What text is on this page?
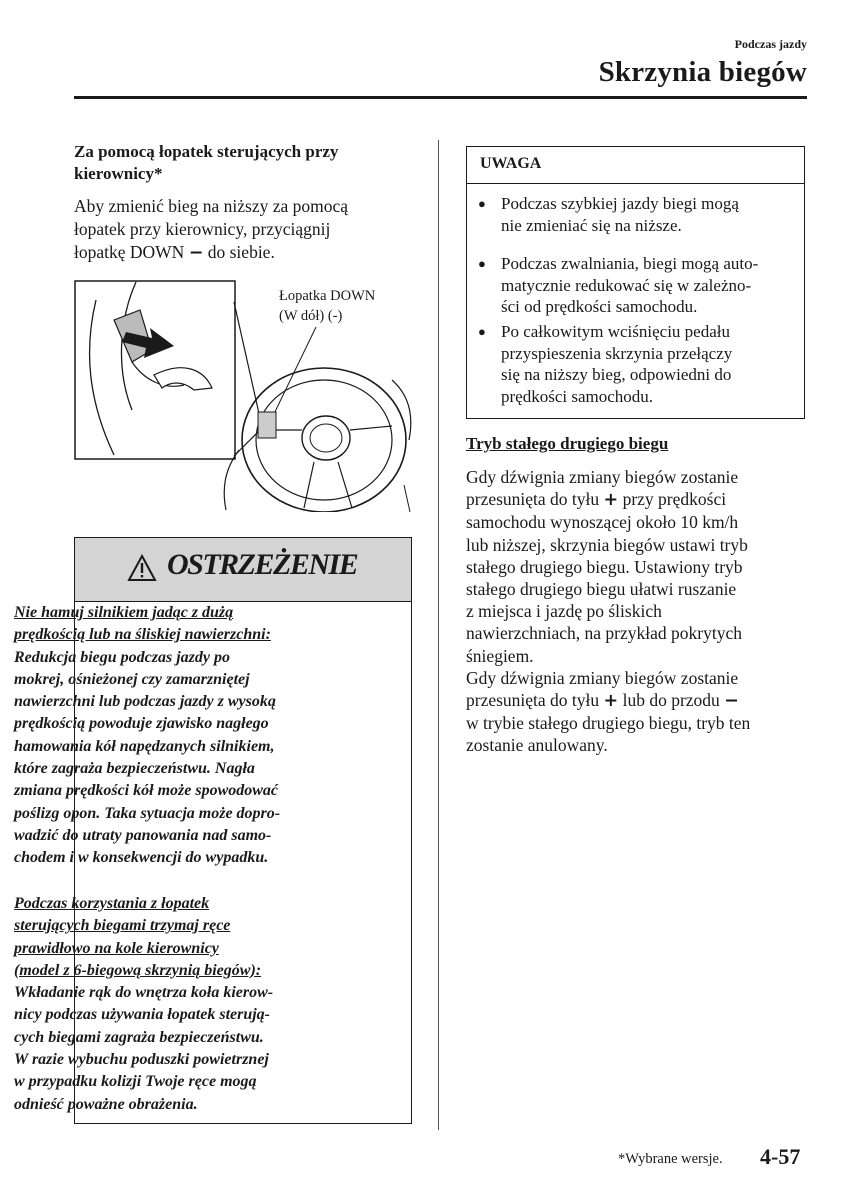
Podczas jazdy
Skrzynia biegów
Za pomocą łopatek sterujących przy
kierownicy*
Aby zmienić bieg na niższy za pomocą
łopatek przy kierownicy, przyciągnij
łopatkę DOWN − do siebie.
Łopatka DOWN
(W dół) (-)
OSTRZEŻENIE
Nie hamuj silnikiem jadąc z dużą
prędkością lub na śliskiej nawierzchni:
Redukcja biegu podczas jazdy po
mokrej, ośnieżonej czy zamarzniętej
nawierzchni lub podczas jazdy z wysoką
prędkością powoduje zjawisko nagłego
hamowania kół napędzanych silnikiem,
które zagraża bezpieczeństwu. Nagła
zmiana prędkości kół może spowodować
poślizg opon. Taka sytuacja może dopro-
wadzić do utraty panowania nad samo-
chodem i w konsekwencji do wypadku.
Podczas korzystania z łopatek
sterujących biegami trzymaj ręce
prawidłowo na kole kierownicy
(model z 6-biegową skrzynią biegów):
Wkładanie rąk do wnętrza koła kierow-
nicy podczas używania łopatek sterują-
cych biegami zagraża bezpieczeństwu.
W razie wybuchu poduszki powietrznej
w przypadku kolizji Twoje ręce mogą
odnieść poważne obrażenia.
UWAGA
● Podczas szybkiej jazdy biegi mogą
nie zmieniać się na niższe.
● Podczas zwalniania, biegi mogą auto-
matycznie redukować się w zależno-
ści od prędkości samochodu.
● Po całkowitym wciśnięciu pedału
przyspieszenia skrzynia przełączy
się na niższy bieg, odpowiedni do
prędkości samochodu.
Tryb stałego drugiego biegu
Gdy dźwignia zmiany biegów zostanie
przesunięta do tyłu + przy prędkości
samochodu wynoszącej około 10 km/h
lub niższej, skrzynia biegów ustawi tryb
stałego drugiego biegu. Ustawiony tryb
stałego drugiego biegu ułatwi ruszanie
z miejsca i jazdę po śliskich
nawierzchniach, na przykład pokrytych
śniegiem.
Gdy dźwignia zmiany biegów zostanie
przesunięta do tyłu + lub do przodu −
w trybie stałego drugiego biegu, tryb ten
zostanie anulowany.
*Wybrane wersje. 4-57
